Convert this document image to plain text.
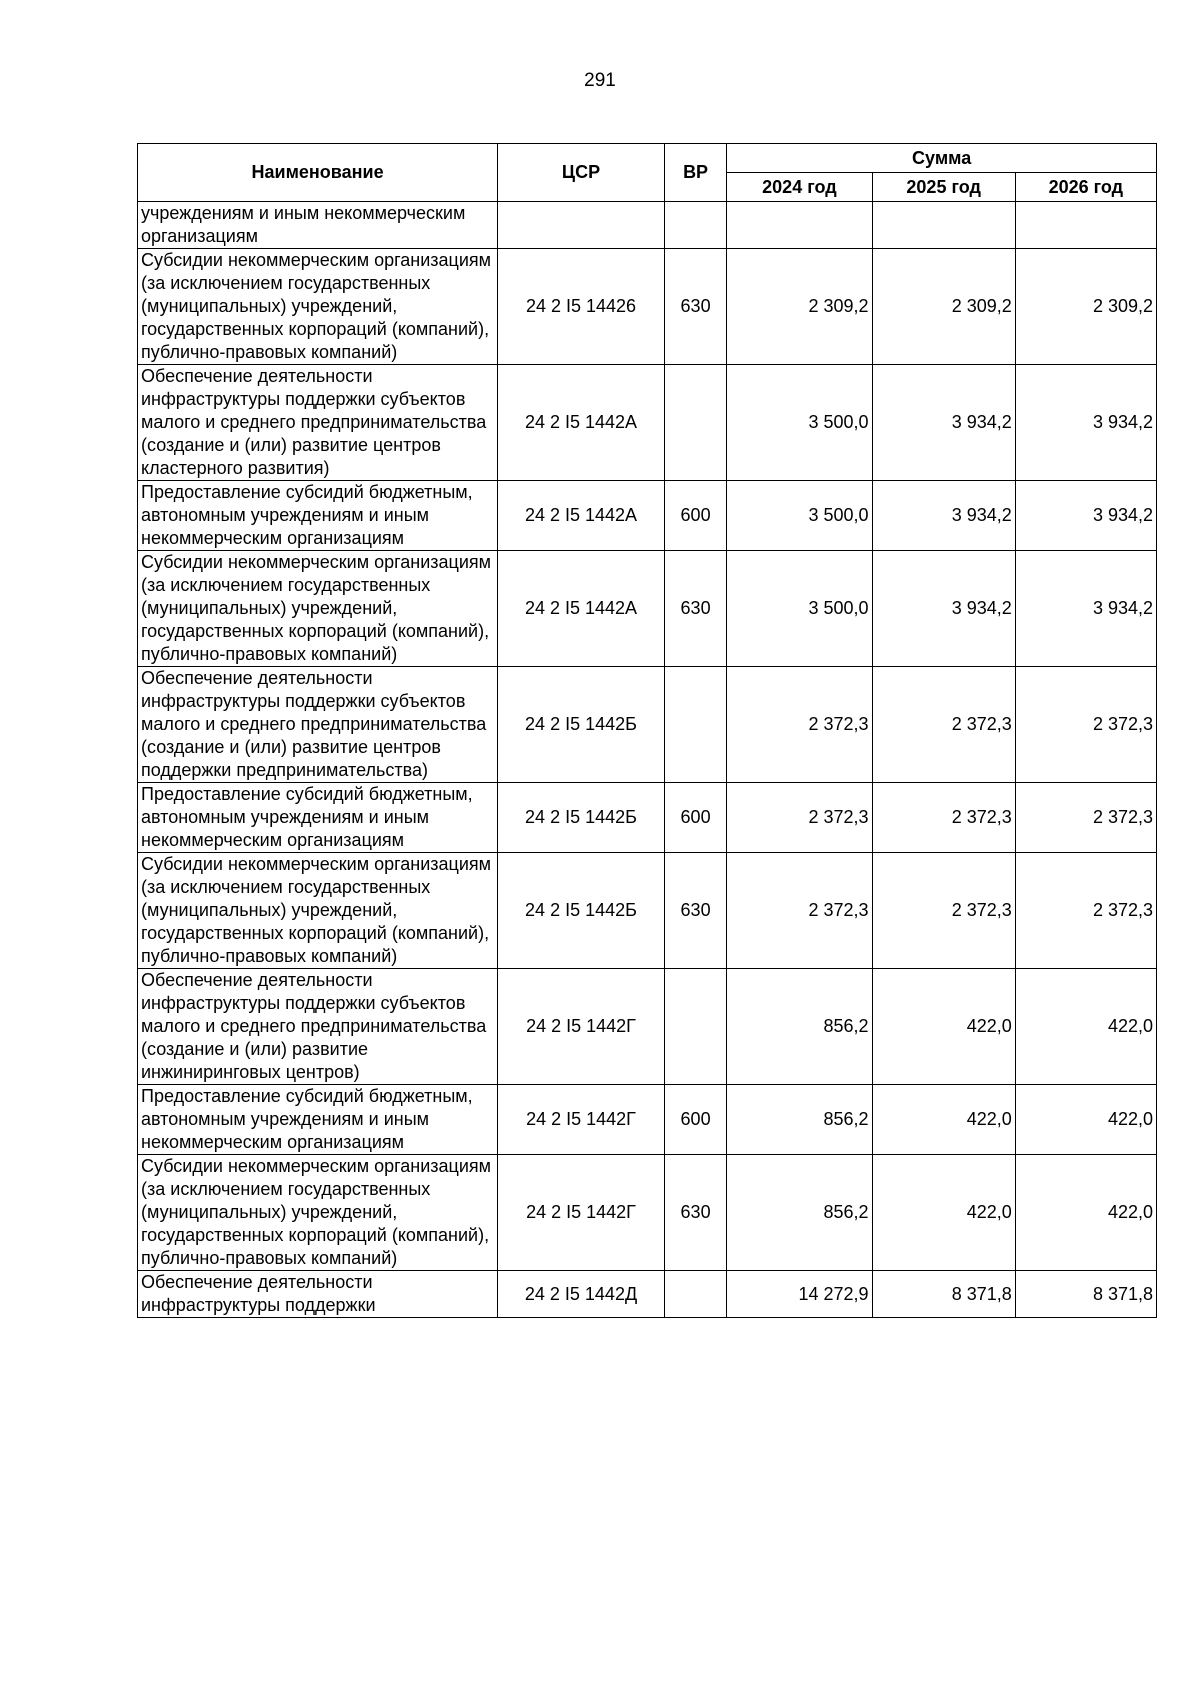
291
Наименование	ЦСР	ВР	Сумма		
			2024 год	2025 год	2026 год
учреждениям и иным некоммерческим организациям					
Субсидии некоммерческим организациям (за исключением государственных (муниципальных) учреждений, государственных корпораций (компаний), публично-правовых компаний)	24 2 I5 14426	630	2 309,2	2 309,2	2 309,2
Обеспечение деятельности инфраструктуры поддержки субъектов малого и среднего предпринимательства (создание и (или) развитие центров кластерного развития)	24 2 I5 1442А		3 500,0	3 934,2	3 934,2
Предоставление субсидий бюджетным, автономным учреждениям и иным некоммерческим организациям	24 2 I5 1442А	600	3 500,0	3 934,2	3 934,2
Субсидии некоммерческим организациям (за исключением государственных (муниципальных) учреждений, государственных корпораций (компаний), публично-правовых компаний)	24 2 I5 1442А	630	3 500,0	3 934,2	3 934,2
Обеспечение деятельности инфраструктуры поддержки субъектов малого и среднего предпринимательства (создание и (или) развитие центров поддержки предпринимательства)	24 2 I5 1442Б		2 372,3	2 372,3	2 372,3
Предоставление субсидий бюджетным, автономным учреждениям и иным некоммерческим организациям	24 2 I5 1442Б	600	2 372,3	2 372,3	2 372,3
Субсидии некоммерческим организациям (за исключением государственных (муниципальных) учреждений, государственных корпораций (компаний), публично-правовых компаний)	24 2 I5 1442Б	630	2 372,3	2 372,3	2 372,3
Обеспечение деятельности инфраструктуры поддержки субъектов малого и среднего предпринимательства (создание и (или) развитие инжиниринговых центров)	24 2 I5 1442Г		856,2	422,0	422,0
Предоставление субсидий бюджетным, автономным учреждениям и иным некоммерческим организациям	24 2 I5 1442Г	600	856,2	422,0	422,0
Субсидии некоммерческим организациям (за исключением государственных (муниципальных) учреждений, государственных корпораций (компаний), публично-правовых компаний)	24 2 I5 1442Г	630	856,2	422,0	422,0
Обеспечение деятельности инфраструктуры поддержки	24 2 I5 1442Д		14 272,9	8 371,8	8 371,8
